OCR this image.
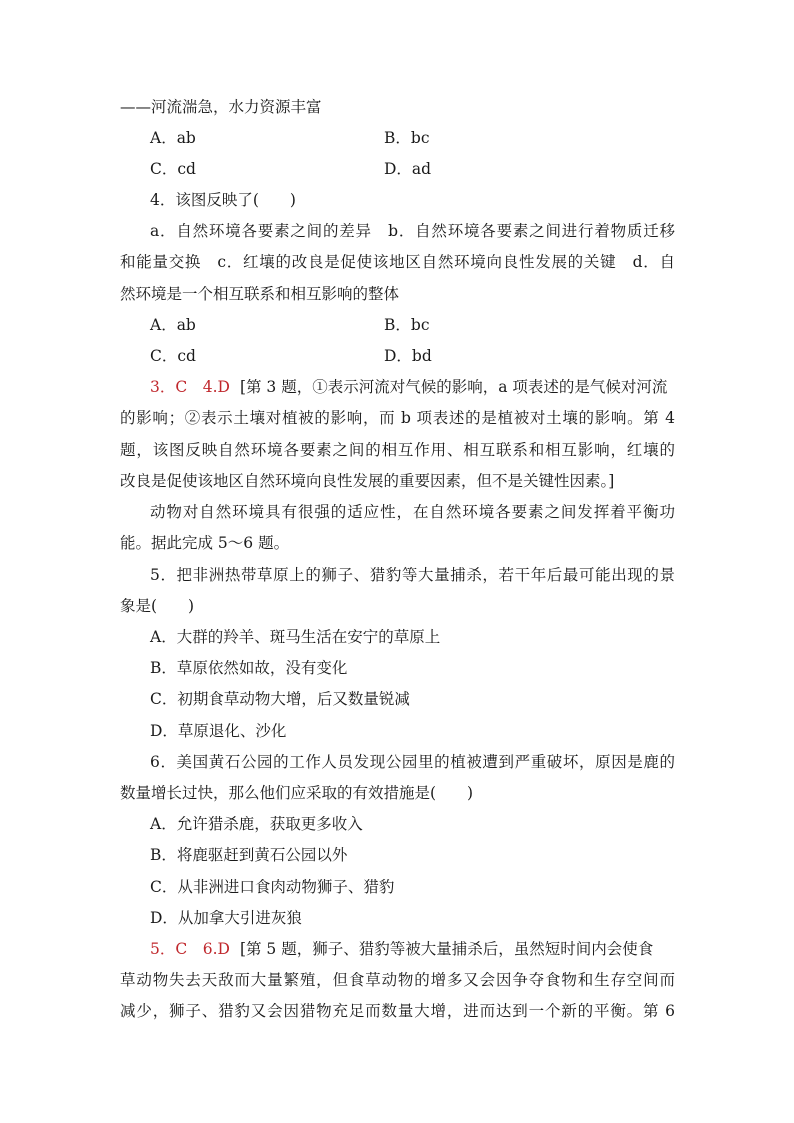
——河流湍急，水力资源丰富
A．ab	B．bc
C．cd	D．ad
4．该图反映了(　　)
a．自然环境各要素之间的差异　b．自然环境各要素之间进行着物质迁移
和能量交换　c．红壤的改良是促使该地区自然环境向良性发展的关键　d．自
然环境是一个相互联系和相互影响的整体
A．ab	B．bc
C．cd	D．bd
3．C　4.D [第 3 题，①表示河流对气候的影响，a 项表述的是气候对河流
的影响；②表示土壤对植被的影响，而 b 项表述的是植被对土壤的影响。第 4
题，该图反映自然环境各要素之间的相互作用、相互联系和相互影响，红壤的
改良是促使该地区自然环境向良性发展的重要因素，但不是关键性因素。]
动物对自然环境具有很强的适应性，在自然环境各要素之间发挥着平衡功
能。据此完成 5～6 题。
5．把非洲热带草原上的狮子、猎豹等大量捕杀，若干年后最可能出现的景
象是(　　)
A．大群的羚羊、斑马生活在安宁的草原上
B．草原依然如故，没有变化
C．初期食草动物大增，后又数量锐减
D．草原退化、沙化
6．美国黄石公园的工作人员发现公园里的植被遭到严重破坏，原因是鹿的
数量增长过快，那么他们应采取的有效措施是(　　)
A．允许猎杀鹿，获取更多收入
B．将鹿驱赶到黄石公园以外
C．从非洲进口食肉动物狮子、猎豹
D．从加拿大引进灰狼
5．C　6.D [第 5 题，狮子、猎豹等被大量捕杀后，虽然短时间内会使食
草动物失去天敌而大量繁殖，但食草动物的增多又会因争夺食物和生存空间而
减少，狮子、猎豹又会因猎物充足而数量大增，进而达到一个新的平衡。第 6
